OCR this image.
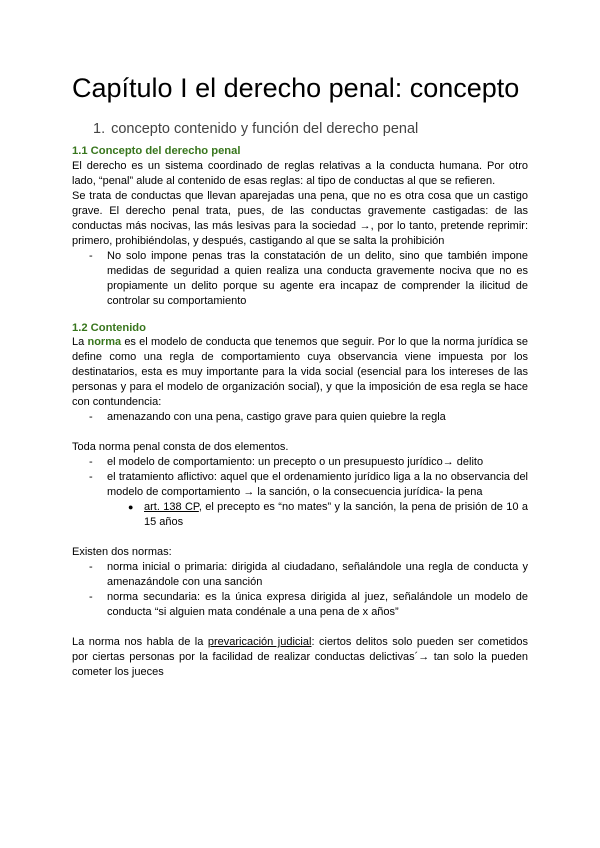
Capítulo I el derecho penal: concepto
1. concepto contenido y función del derecho penal
1.1 Concepto del derecho penal

El derecho es un sistema coordinado de reglas relativas a la conducta humana. Por otro lado, “penal” alude al contenido de esas reglas: al tipo de conductas al que se refieren.

Se trata de conductas que llevan aparejadas una pena, que no es otra cosa que un castigo grave. El derecho penal trata, pues, de las conductas gravemente castigadas: de las conductas más nocivas, las más lesivas para la sociedad →, por lo tanto, pretende reprimir: primero, prohibiéndolas, y después, castigando al que se salta la prohibición

- No solo impone penas tras la constatación de un delito, sino que también impone medidas de seguridad a quien realiza una conducta gravemente nociva que no es propiamente un delito porque su agente era incapaz de comprender la ilicitud de controlar su comportamiento
1.2 Contenido

La norma es el modelo de conducta que tenemos que seguir. Por lo que la norma jurídica se define como una regla de comportamiento cuya observancia viene impuesta por los destinatarios, esta es muy importante para la vida social (esencial para los intereses de las personas y para el modelo de organización social), y que la imposición de esa regla se hace con contundencia:

- amenazando con una pena, castigo grave para quien quiebre la regla

Toda norma penal consta de dos elementos.

- el modelo de comportamiento: un precepto o un presupuesto jurídico→ delito
- el tratamiento aflictivo: aquel que el ordenamiento jurídico liga a la no observancia del modelo de comportamiento → la sanción, o la consecuencia jurídica- la pena
● art. 138 CP, el precepto es “no mates” y la sanción, la pena de prisión de 10 a 15 años

Existen dos normas:

- norma inicial o primaria: dirigida al ciudadano, señalándole una regla de conducta y amenazándole con una sanción
- norma secundaria: es la única expresa dirigida al juez, señalándole un modelo de conducta “si alguien mata condénale a una pena de x años”

La norma nos habla de la prevaricación judicial: ciertos delitos solo pueden ser cometidos por ciertas personas por la facilidad de realizar conductas delictivas´→ tan solo la pueden cometer los jueces
